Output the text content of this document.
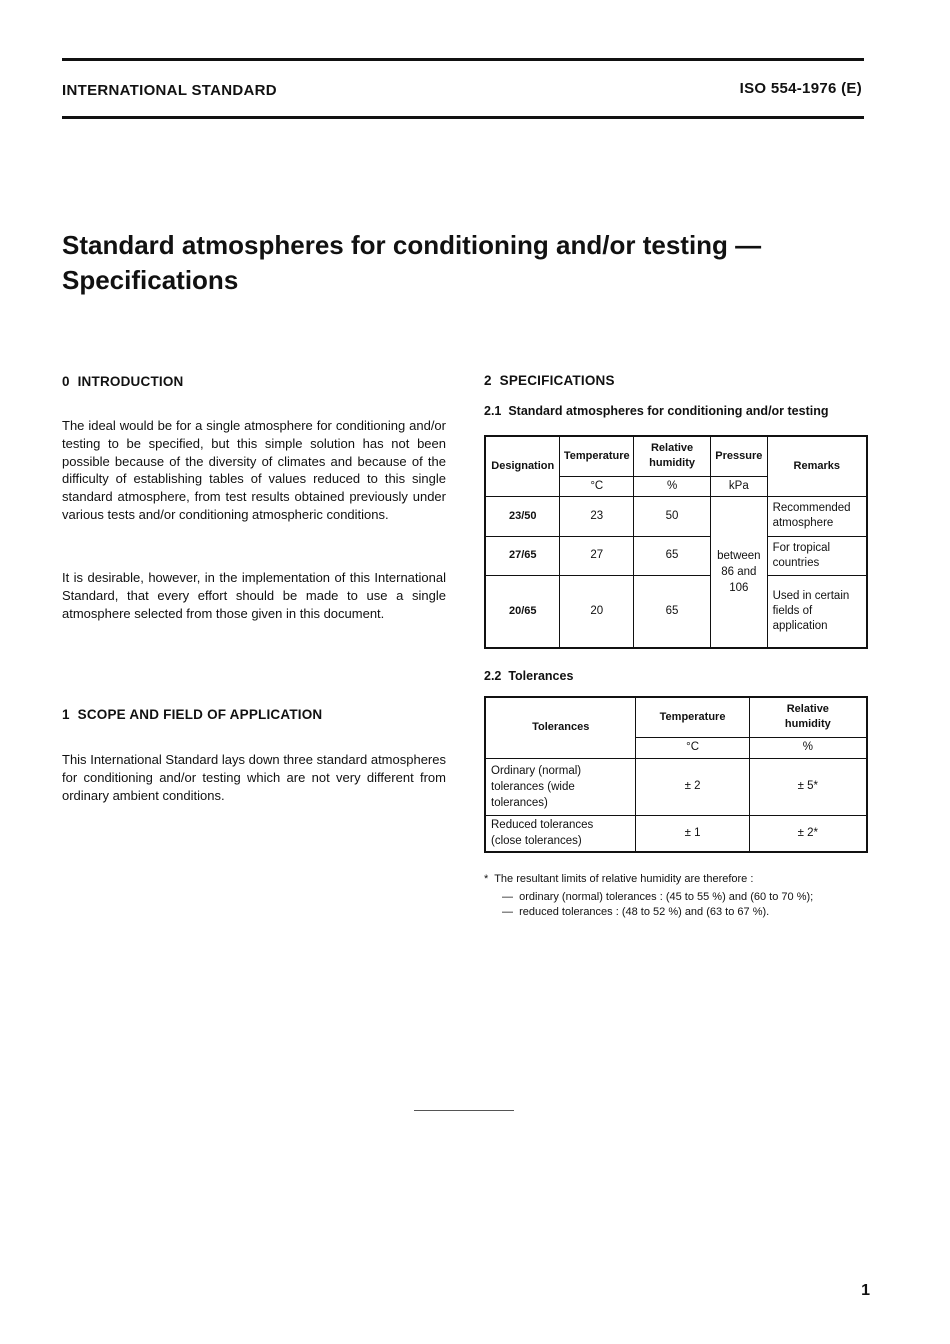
INTERNATIONAL STANDARD	ISO 554-1976 (E)
Standard atmospheres for conditioning and/or testing —
Specifications
0  INTRODUCTION
The ideal would be for a single atmosphere for conditioning and/or testing to be specified, but this simple solution has not been possible because of the diversity of climates and because of the difficulty of establishing tables of values reduced to this single standard atmosphere, from test results obtained previously under various tests and/or conditioning atmospheric conditions.
It is desirable, however, in the implementation of this International Standard, that every effort should be made to use a single atmosphere selected from those given in this document.
1  SCOPE AND FIELD OF APPLICATION
This International Standard lays down three standard atmospheres for conditioning and/or testing which are not very different from ordinary ambient conditions.
2  SPECIFICATIONS
2.1  Standard atmospheres for conditioning and/or testing
Designation	Temperature	Relative humidity	Pressure	Remarks
	°C	%	kPa	
23/50	23	50	between 86 and 106	Recommended atmosphere
27/65	27	65		For tropical countries
20/65	20	65		Used in certain fields of application
2.2  Tolerances
Tolerances	Temperature	Relative humidity
	°C	%
Ordinary (normal) tolerances (wide tolerances)	± 2	± 5*
Reduced tolerances (close tolerances)	± 1	± 2*
*  The resultant limits of relative humidity are therefore :
—  ordinary (normal) tolerances : (45 to 55 %) and (60 to 70 %);
—  reduced tolerances : (48 to 52 %) and (63 to 67 %).
1
